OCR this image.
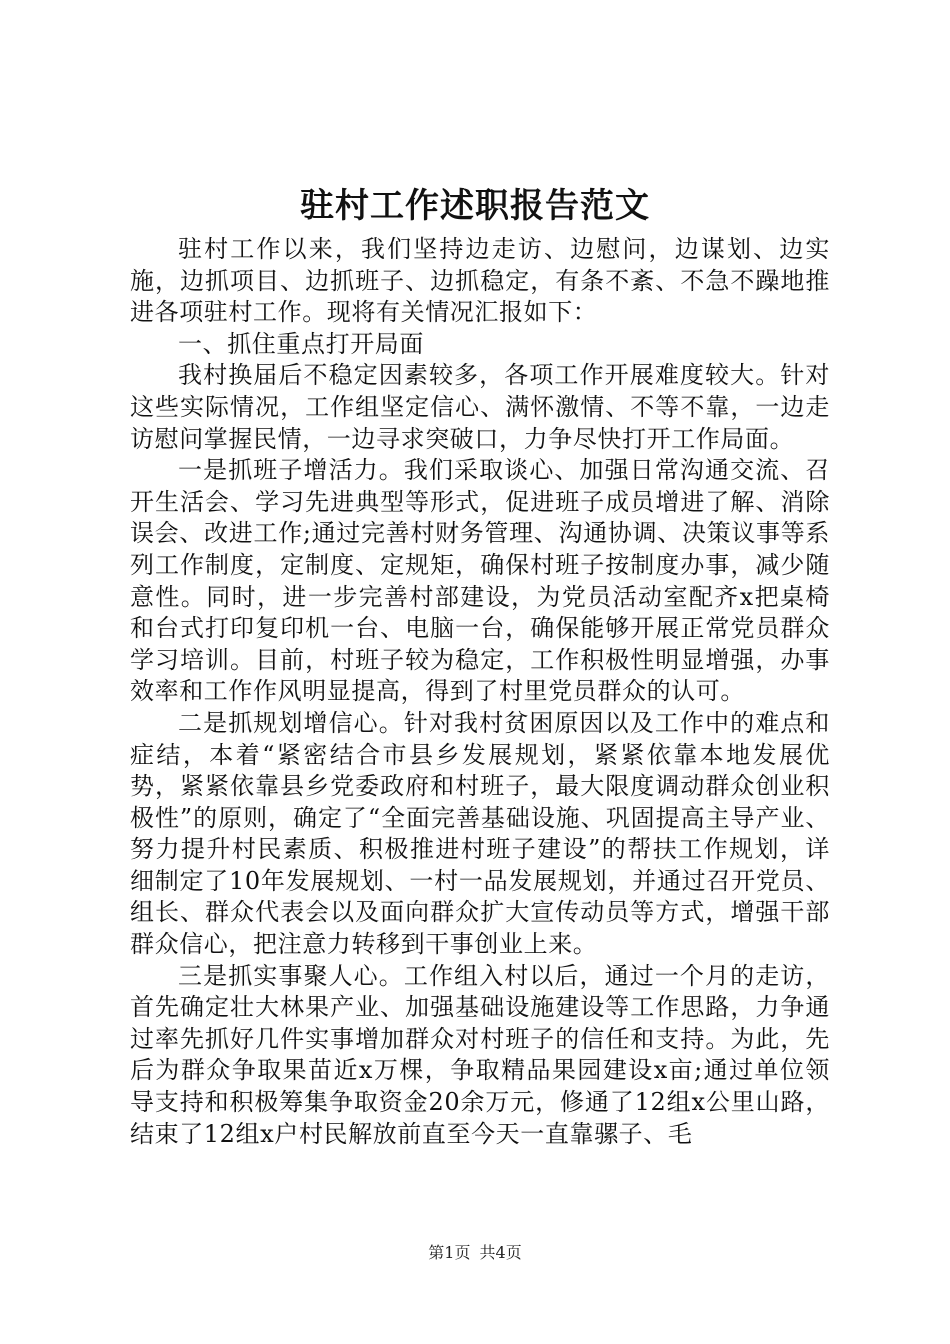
驻村工作述职报告范文

驻村工作以来，我们坚持边走访、边慰问，边谋划、边实施，边抓项目、边抓班子、边抓稳定，有条不紊、不急不躁地推进各项驻村工作。现将有关情况汇报如下：

一、抓住重点打开局面

我村换届后不稳定因素较多，各项工作开展难度较大。针对这些实际情况，工作组坚定信心、满怀激情、不等不靠，一边走访慰问掌握民情，一边寻求突破口，力争尽快打开工作局面。

一是抓班子增活力。我们采取谈心、加强日常沟通交流、召开生活会、学习先进典型等形式，促进班子成员增进了解、消除误会、改进工作;通过完善村财务管理、沟通协调、决策议事等系列工作制度，定制度、定规矩，确保村班子按制度办事，减少随意性。同时，进一步完善村部建设，为党员活动室配齐x把桌椅和台式打印复印机一台、电脑一台，确保能够开展正常党员群众学习培训。目前，村班子较为稳定，工作积极性明显增强，办事效率和工作作风明显提高，得到了村里党员群众的认可。

二是抓规划增信心。针对我村贫困原因以及工作中的难点和症结，本着“紧密结合市县乡发展规划，紧紧依靠本地发展优势，紧紧依靠县乡党委政府和村班子，最大限度调动群众创业积极性”的原则，确定了“全面完善基础设施、巩固提高主导产业、努力提升村民素质、积极推进村班子建设”的帮扶工作规划，详细制定了10年发展规划、一村一品发展规划，并通过召开党员、组长、群众代表会以及面向群众扩大宣传动员等方式，增强干部群众信心，把注意力转移到干事创业上来。

三是抓实事聚人心。工作组入村以后，通过一个月的走访，首先确定壮大林果产业、加强基础设施建设等工作思路，力争通过率先抓好几件实事增加群众对村班子的信任和支持。为此，先后为群众争取果苗近x万棵，争取精品果园建设x亩;通过单位领导支持和积极筹集争取资金20余万元，修通了12组x公里山路，结束了12组x户村民解放前直至今天一直靠骡子、毛

第1页 共4页
